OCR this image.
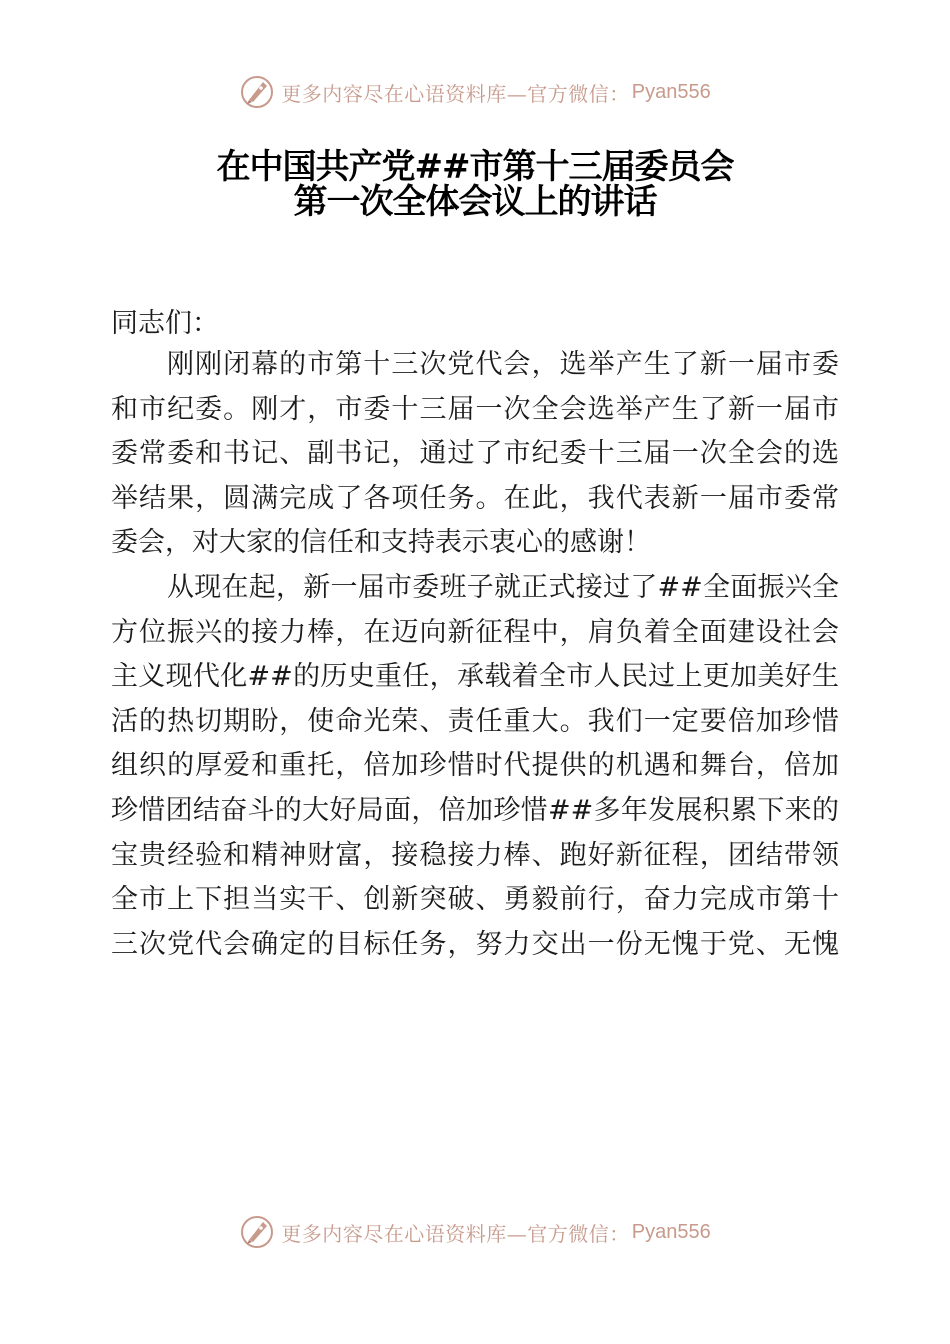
更多内容尽在心语资料库—官方微信： Pyan556
在中国共产党##市第十三届委员会
第一次全体会议上的讲话
同志们：
刚刚闭幕的市第十三次党代会，选举产生了新一届市委
和市纪委。刚才，市委十三届一次全会选举产生了新一届市
委常委和书记、副书记，通过了市纪委十三届一次全会的选
举结果，圆满完成了各项任务。在此，我代表新一届市委常
委会，对大家的信任和支持表示衷心的感谢！
从现在起，新一届市委班子就正式接过了##全面振兴全
方位振兴的接力棒，在迈向新征程中，肩负着全面建设社会
主义现代化##的历史重任，承载着全市人民过上更加美好生
活的热切期盼，使命光荣、责任重大。我们一定要倍加珍惜
组织的厚爱和重托，倍加珍惜时代提供的机遇和舞台，倍加
珍惜团结奋斗的大好局面，倍加珍惜##多年发展积累下来的
宝贵经验和精神财富，接稳接力棒、跑好新征程，团结带领
全市上下担当实干、创新突破、勇毅前行，奋力完成市第十
三次党代会确定的目标任务，努力交出一份无愧于党、无愧
更多内容尽在心语资料库—官方微信： Pyan556
